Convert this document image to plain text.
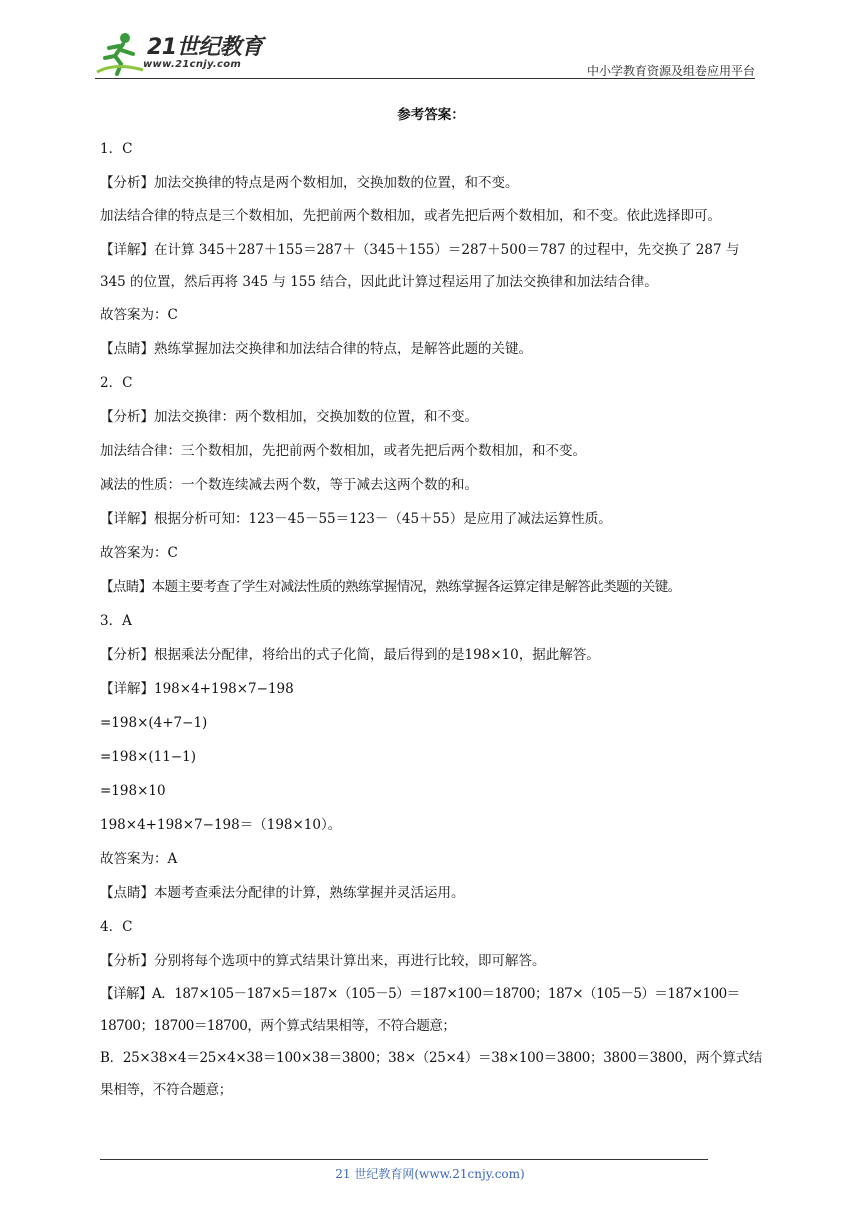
21世纪教育
www.21cnjy.com	中小学教育资源及组卷应用平台
参考答案：

1．C

【分析】加法交换律的特点是两个数相加，交换加数的位置，和不变。

加法结合律的特点是三个数相加，先把前两个数相加，或者先把后两个数相加，和不变。依此选择即可。

【详解】在计算 345＋287＋155＝287＋（345＋155）＝287＋500＝787 的过程中，先交换了 287 与 345 的位置，然后再将 345 与 155 结合，因此此计算过程运用了加法交换律和加法结合律。

故答案为：C

【点睛】熟练掌握加法交换律和加法结合律的特点，是解答此题的关键。

2．C

【分析】加法交换律：两个数相加，交换加数的位置，和不变。

加法结合律：三个数相加，先把前两个数相加，或者先把后两个数相加，和不变。

减法的性质：一个数连续减去两个数，等于减去这两个数的和。

【详解】根据分析可知：123－45－55＝123－（45＋55）是应用了减法运算性质。

故答案为：C

【点睛】本题主要考查了学生对减法性质的熟练掌握情况，熟练掌握各运算定律是解答此类题的关键。

3．A

【分析】根据乘法分配律，将给出的式子化简，最后得到的是198×10，据此解答。

【详解】198×4+198×7−198

=198×(4+7−1)

=198×(11−1)

=198×10

198×4+198×7−198＝（198×10）。

故答案为：A

【点睛】本题考查乘法分配律的计算，熟练掌握并灵活运用。

4．C

【分析】分别将每个选项中的算式结果计算出来，再进行比较，即可解答。

【详解】A．187×105－187×5＝187×（105－5）＝187×100＝18700；187×（105－5）＝187×100＝18700；18700＝18700，两个算式结果相等，不符合题意；

B．25×38×4＝25×4×38＝100×38＝3800；38×（25×4）＝38×100＝3800；3800＝3800，两个算式结果相等，不符合题意；

21 世纪教育网(www.21cnjy.com)
